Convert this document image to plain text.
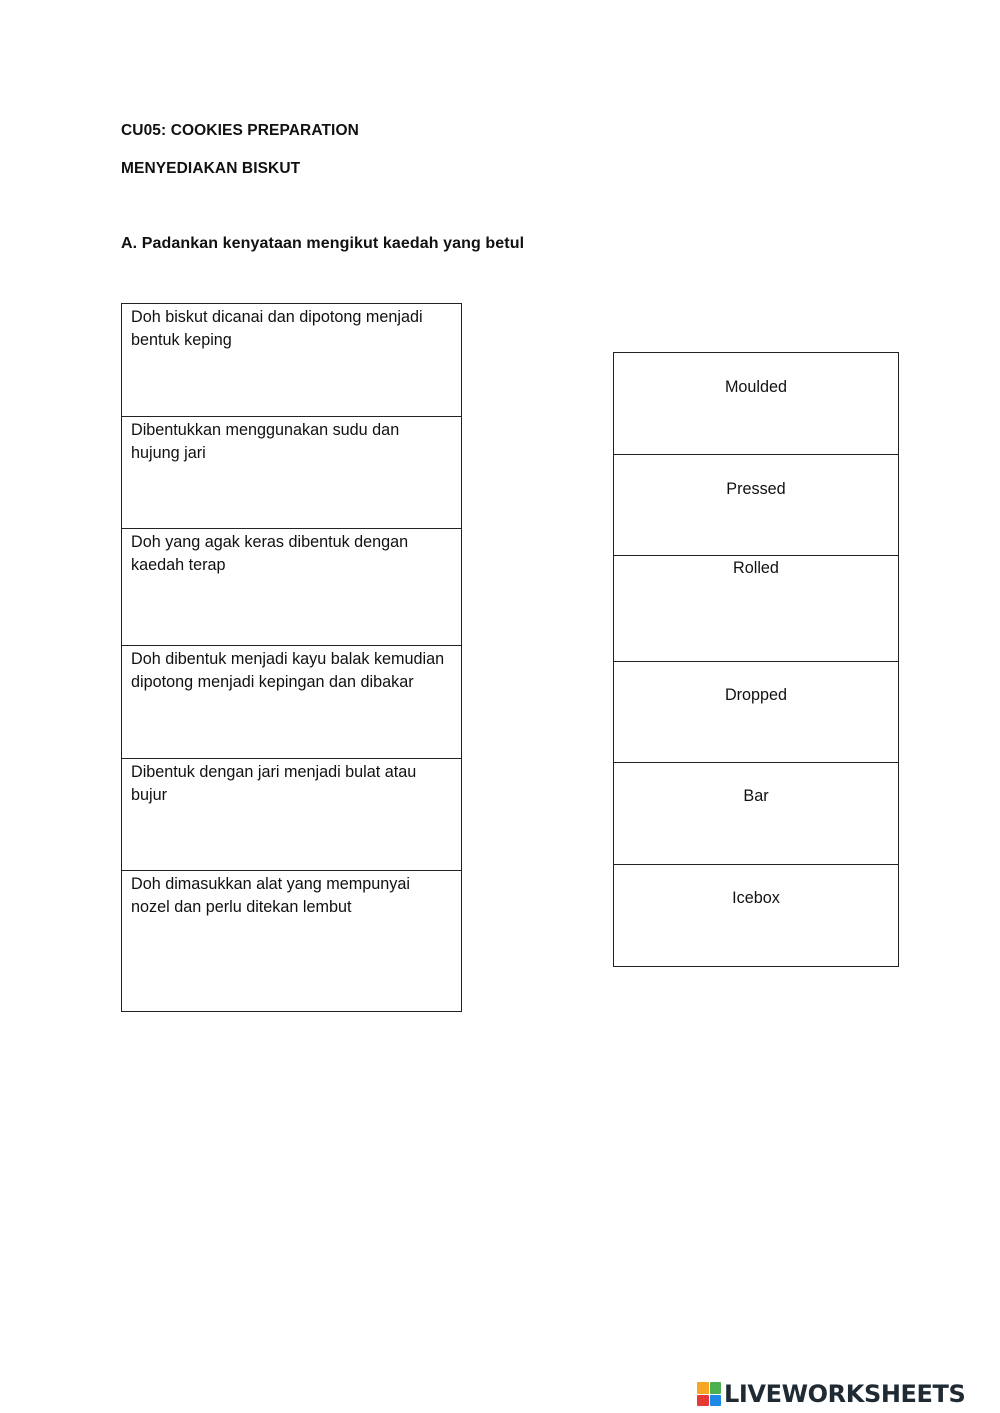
CU05: COOKIES PREPARATION
MENYEDIAKAN BISKUT
A. Padankan kenyataan mengikut kaedah yang betul
Doh biskut dicanai dan dipotong menjadi bentuk keping
Dibentukkan menggunakan sudu dan hujung jari
Doh yang agak keras dibentuk dengan kaedah terap
Doh dibentuk menjadi kayu balak kemudian dipotong menjadi kepingan dan dibakar
Dibentuk dengan jari menjadi bulat atau bujur
Doh dimasukkan alat yang mempunyai nozel dan perlu ditekan lembut
Moulded
Pressed
Rolled
Dropped
Bar
Icebox
LIVEWORKSHEETS
